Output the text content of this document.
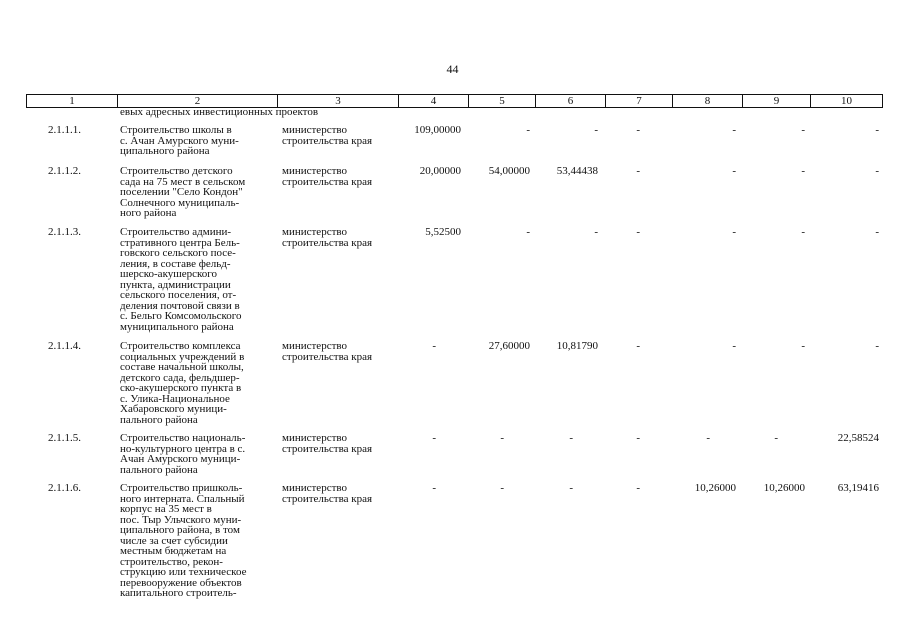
44
1	2	3	4	5	6	7	8	9	10
евых адресных инвестиционных проектов
2.1.1.1.	Строительство школы в
с. Ачан Амурского муни-
ципального района
министерство
строительства края
109,00000	-	-	-	-	-	-
2.1.1.2.	Строительство детского
сада на 75 мест в сельском
поселении "Село Кондон"
Солнечного муниципаль-
ного района
министерство
строительства края
20,00000	54,00000	53,44438	-	-	-	-
2.1.1.3.	Строительство админи-
стративного центра Бель-
говского сельского посе-
ления, в составе фельд-
шерско-акушерского
пункта, администрации
сельского поселения, от-
деления почтовой связи в
с. Бельго Комсомольского
муниципального района
министерство
строительства края
5,52500	-	-	-	-	-	-
2.1.1.4.	Строительство комплекса
социальных учреждений в
составе начальной школы,
детского сада, фельдшер-
ско-акушерского пункта в
с. Улика-Национальное
Хабаровского муници-
пального района
министерство
строительства края
-	27,60000	10,81790	-	-	-	-
2.1.1.5.	Строительство националь-
но-культурного центра в с.
Ачан Амурского муници-
пального района
министерство
строительства края
-	-	-	-	-	-	22,58524
2.1.1.6.	Строительство пришколь-
ного интерната. Спальный
корпус на 35 мест в
пос. Тыр Ульчского муни-
ципального района, в том
числе за счет субсидии
местным бюджетам на
строительство, рекон-
струкцию или техническое
перевооружение объектов
капитального строитель-
министерство
строительства края
-	-	-	-	10,26000	10,26000	63,19416
